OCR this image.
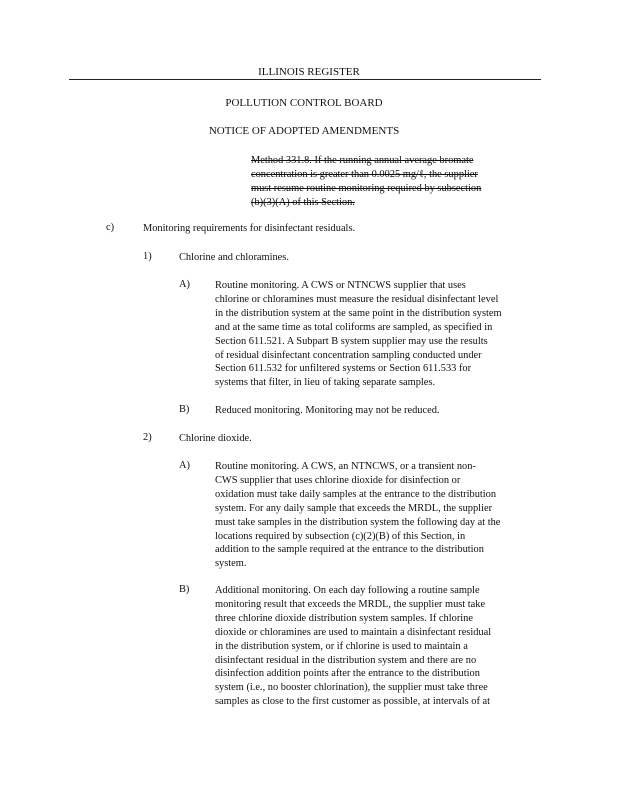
ILLINOIS REGISTER
POLLUTION CONTROL BOARD
NOTICE OF ADOPTED AMENDMENTS
Method 331.8. If the running annual average bromate
concentration is greater than 0.0025 mg/ℓ, the supplier
must resume routine monitoring required by subsection
(b)(3)(A) of this Section.
c)	Monitoring requirements for disinfectant residuals.
1)	Chlorine and chloramines.
A) Routine monitoring. A CWS or NTNCWS supplier that uses
chlorine or chloramines must measure the residual disinfectant level
in the distribution system at the same point in the distribution system
and at the same time as total coliforms are sampled, as specified in
Section 611.521. A Subpart B system supplier may use the results
of residual disinfectant concentration sampling conducted under
Section 611.532 for unfiltered systems or Section 611.533 for
systems that filter, in lieu of taking separate samples.
B) Reduced monitoring. Monitoring may not be reduced.
2)	Chlorine dioxide.
A) Routine monitoring. A CWS, an NTNCWS, or a transient non-
CWS supplier that uses chlorine dioxide for disinfection or
oxidation must take daily samples at the entrance to the distribution
system. For any daily sample that exceeds the MRDL, the supplier
must take samples in the distribution system the following day at the
locations required by subsection (c)(2)(B) of this Section, in
addition to the sample required at the entrance to the distribution
system.
B) Additional monitoring. On each day following a routine sample
monitoring result that exceeds the MRDL, the supplier must take
three chlorine dioxide distribution system samples. If chlorine
dioxide or chloramines are used to maintain a disinfectant residual
in the distribution system, or if chlorine is used to maintain a
disinfectant residual in the distribution system and there are no
disinfection addition points after the entrance to the distribution
system (i.e., no booster chlorination), the supplier must take three
samples as close to the first customer as possible, at intervals of at
